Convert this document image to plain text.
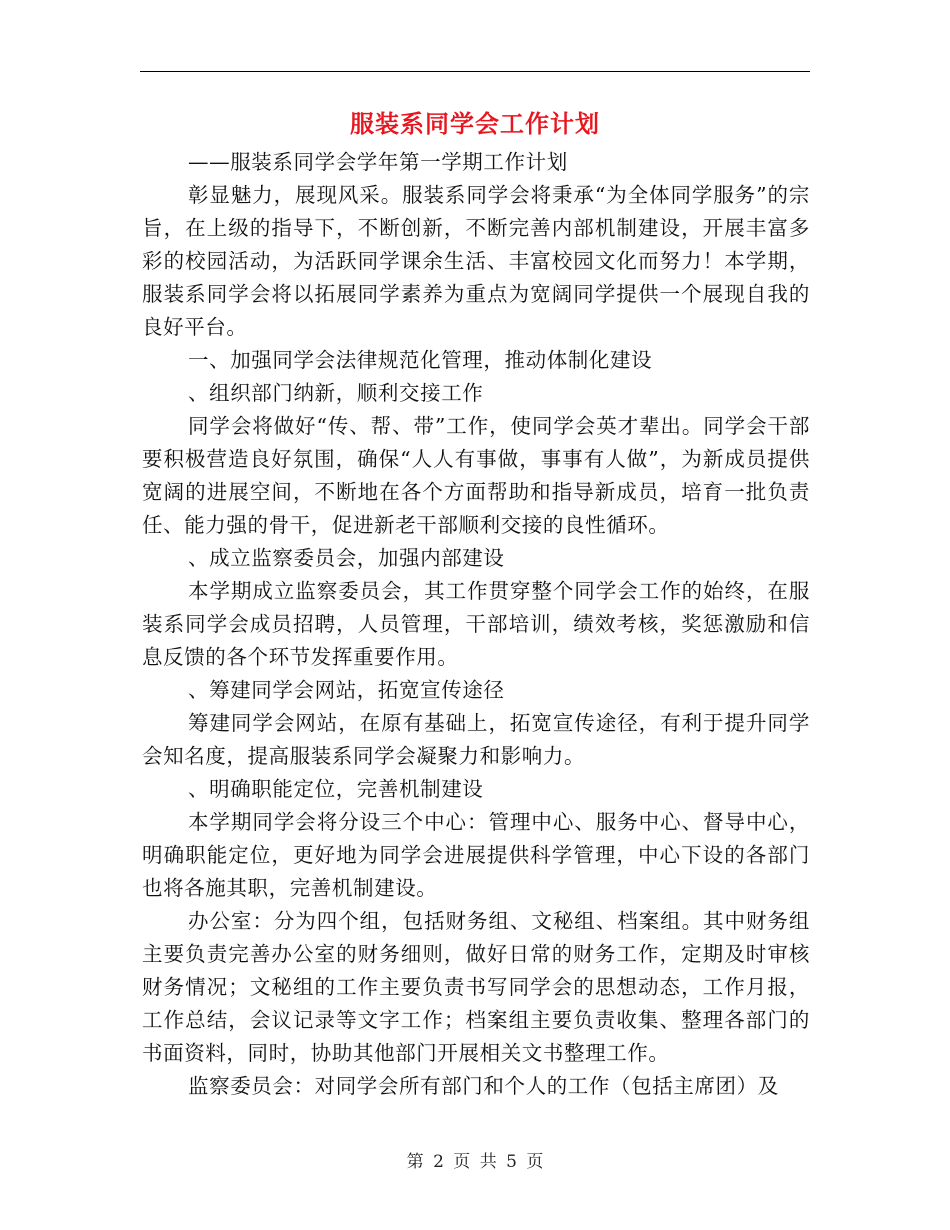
服装系同学会工作计划

——服装系同学会学年第一学期工作计划

彰显魅力，展现风采。服装系同学会将秉承“为全体同学服务”的宗旨，在上级的指导下，不断创新，不断完善内部机制建设，开展丰富多彩的校园活动，为活跃同学课余生活、丰富校园文化而努力！本学期，服装系同学会将以拓展同学素养为重点为宽阔同学提供一个展现自我的良好平台。

一、加强同学会法律规范化管理，推动体制化建设

、组织部门纳新，顺利交接工作

同学会将做好“传、帮、带”工作，使同学会英才辈出。同学会干部要积极营造良好氛围，确保“人人有事做，事事有人做”，为新成员提供宽阔的进展空间，不断地在各个方面帮助和指导新成员，培育一批负责任、能力强的骨干，促进新老干部顺利交接的良性循环。

、成立监察委员会，加强内部建设

本学期成立监察委员会，其工作贯穿整个同学会工作的始终，在服装系同学会成员招聘，人员管理，干部培训，绩效考核，奖惩激励和信息反馈的各个环节发挥重要作用。

、筹建同学会网站，拓宽宣传途径

筹建同学会网站，在原有基础上，拓宽宣传途径，有利于提升同学会知名度，提高服装系同学会凝聚力和影响力。

、明确职能定位，完善机制建设

本学期同学会将分设三个中心：管理中心、服务中心、督导中心，明确职能定位，更好地为同学会进展提供科学管理，中心下设的各部门也将各施其职，完善机制建设。

办公室：分为四个组，包括财务组、文秘组、档案组。其中财务组主要负责完善办公室的财务细则，做好日常的财务工作，定期及时审核财务情况；文秘组的工作主要负责书写同学会的思想动态，工作月报，工作总结，会议记录等文字工作；档案组主要负责收集、整理各部门的书面资料，同时，协助其他部门开展相关文书整理工作。

监察委员会：对同学会所有部门和个人的工作（包括主席团）及

第 2 页 共 5 页
